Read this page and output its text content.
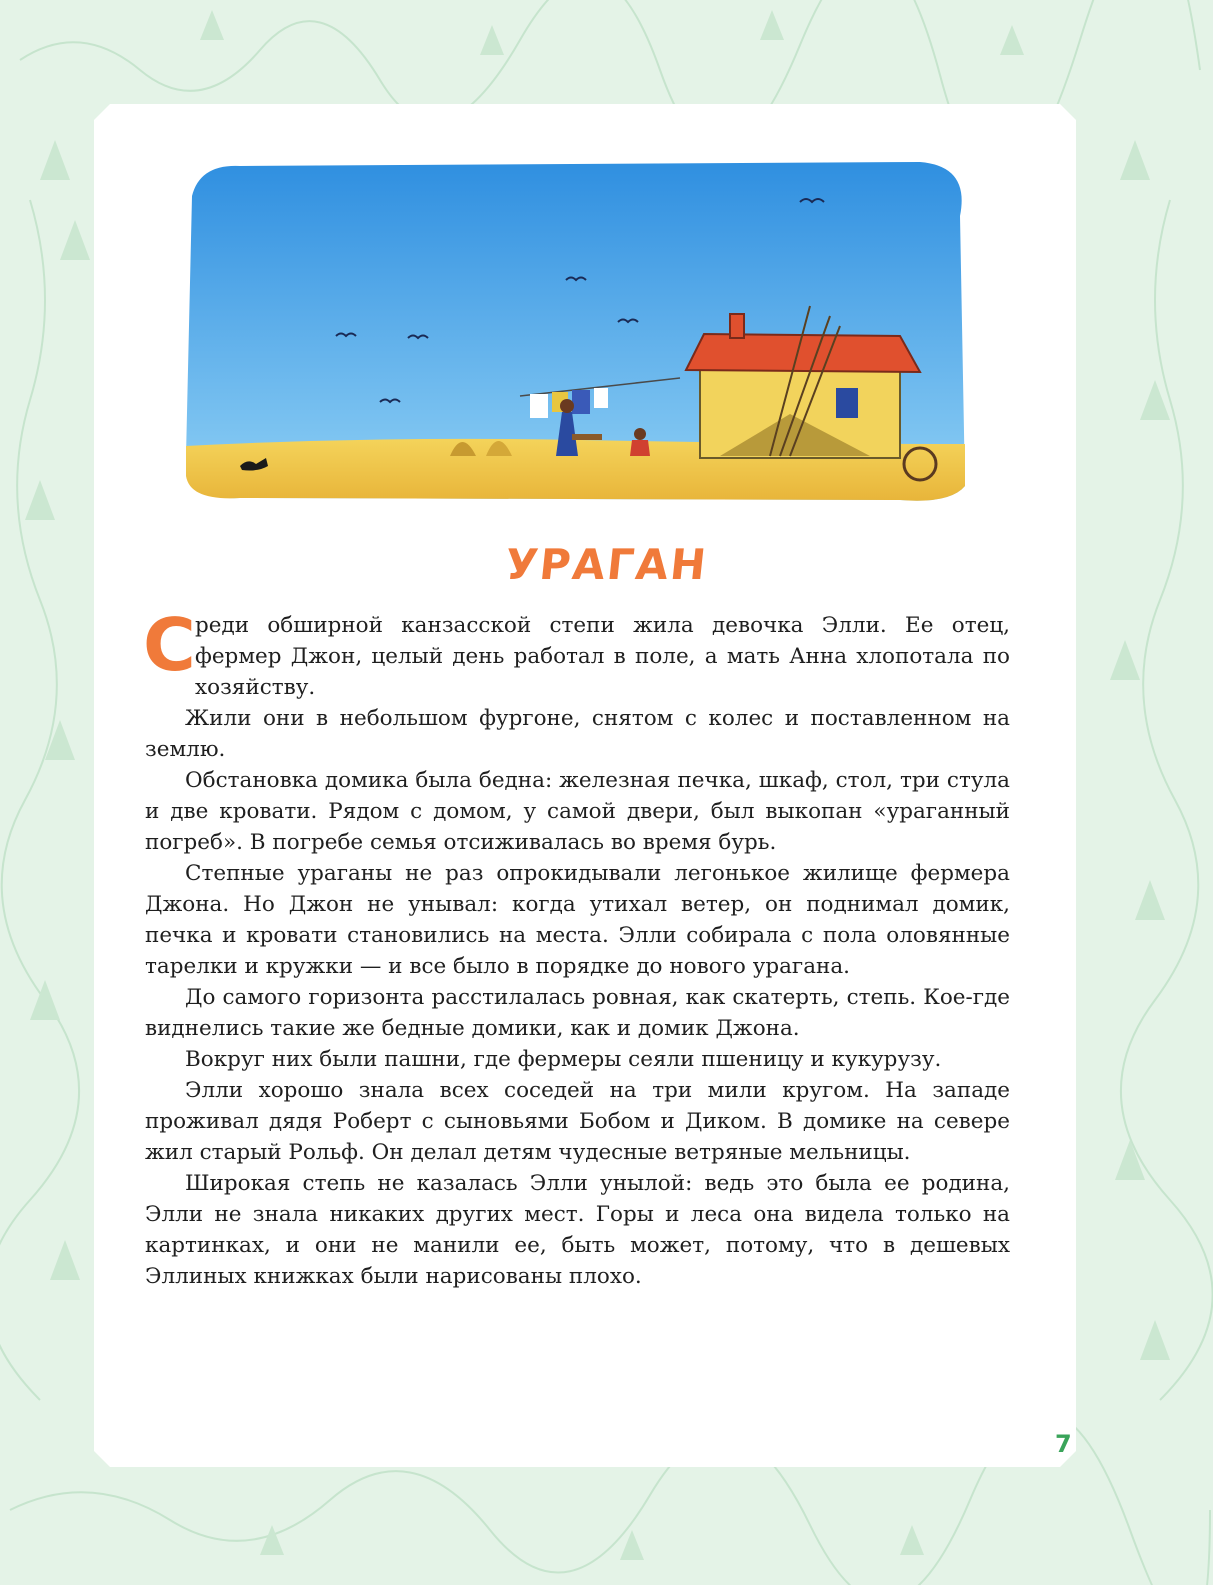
УРАГАН

Среди обширной канзасской степи жила девочка Элли. Ее отец, фермер Джон, целый день работал в поле, а мать Анна хлопотала по хозяйству.

Жили они в небольшом фургоне, снятом с колес и поставленном на землю.

Обстановка домика была бедна: железная печка, шкаф, стол, три стула и две кровати. Рядом с домом, у самой двери, был выкопан «ураганный погреб». В погребе семья отсиживалась во время бурь.

Степные ураганы не раз опрокидывали легонькое жилище фермера Джона. Но Джон не унывал: когда утихал ветер, он поднимал домик, печка и кровати становились на места. Элли собирала с пола оловянные тарелки и кружки — и все было в порядке до нового урагана.

До самого горизонта расстилалась ровная, как скатерть, степь. Кое-где виднелись такие же бедные домики, как и домик Джона.

Вокруг них были пашни, где фермеры сеяли пшеницу и кукурузу.

Элли хорошо знала всех соседей на три мили кругом. На западе проживал дядя Роберт с сыновьями Бобом и Диком. В домике на севере жил старый Рольф. Он делал детям чудесные ветряные мельницы.

Широкая степь не казалась Элли унылой: ведь это была ее родина, Элли не знала никаких других мест. Горы и леса она видела только на картинках, и они не манили ее, быть может, потому, что в дешевых Эллиных книжках были нарисованы плохо.

7
